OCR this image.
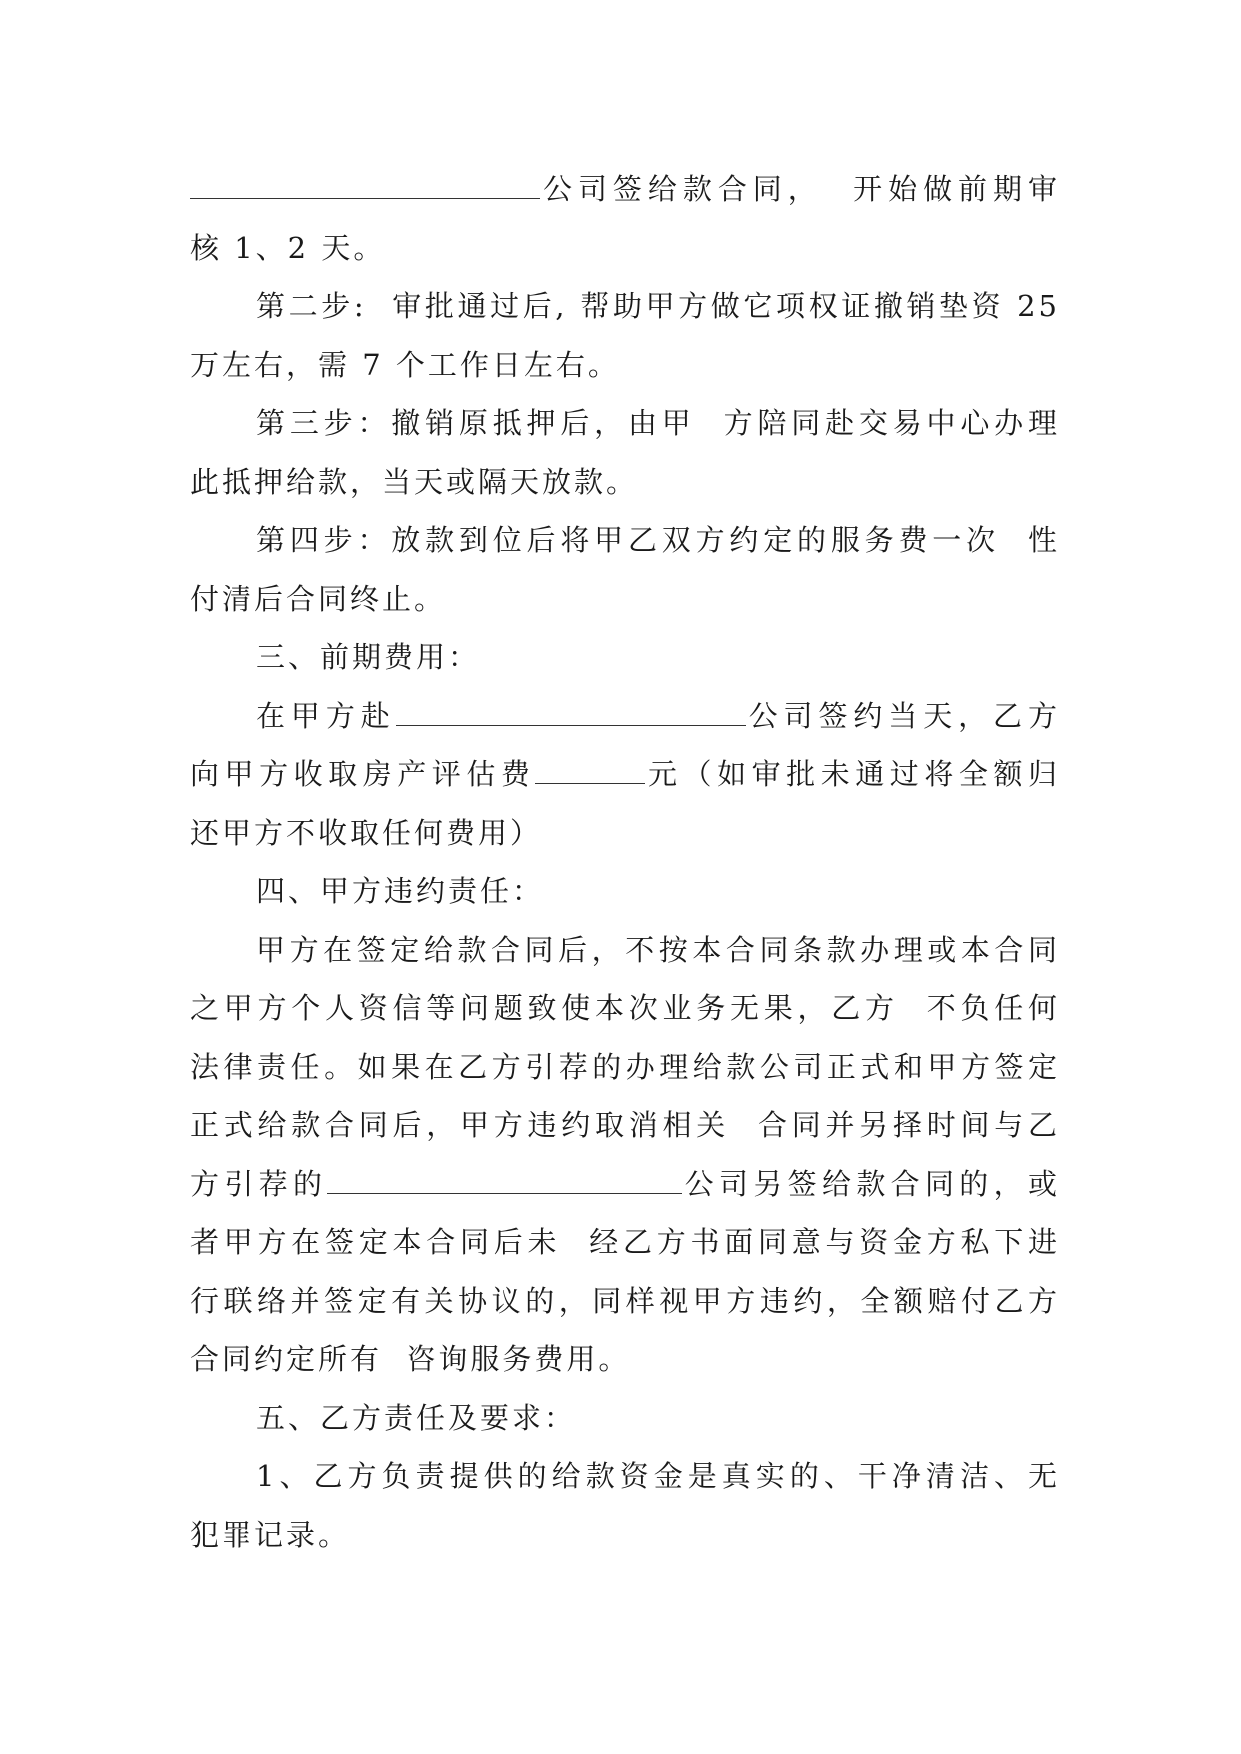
公司签给款合同，  开始做前期审
核 1、2 天。
第二步:  审批通过后, 帮助甲方做它项权证撤销垫资 25
万左右，需 7 个工作日左右。
第三步：撤销原抵押后，由甲  方陪同赴交易中心办理
此抵押给款，当天或隔天放款。
第四步：放款到位后将甲乙双方约定的服务费一次  性
付清后合同终止。
三、前期费用：
在甲方赴	公司签约当天，乙方
向甲方收取房产评估费	元（如审批未通过将全额归
还甲方不收取任何费用）
四、甲方违约责任：
甲方在签定给款合同后，不按本合同条款办理或本合同
之甲方个人资信等问题致使本次业务无果，乙方  不负任何
法律责任。如果在乙方引荐的办理给款公司正式和甲方签定
正式给款合同后，甲方违约取消相关  合同并另择时间与乙
方引荐的	公司另签给款合同的，或
者甲方在签定本合同后未  经乙方书面同意与资金方私下进
行联络并签定有关协议的，同样视甲方违约，全额赔付乙方
合同约定所有  咨询服务费用。
五、乙方责任及要求：
1、乙方负责提供的给款资金是真实的、干净清洁、无
犯罪记录。
